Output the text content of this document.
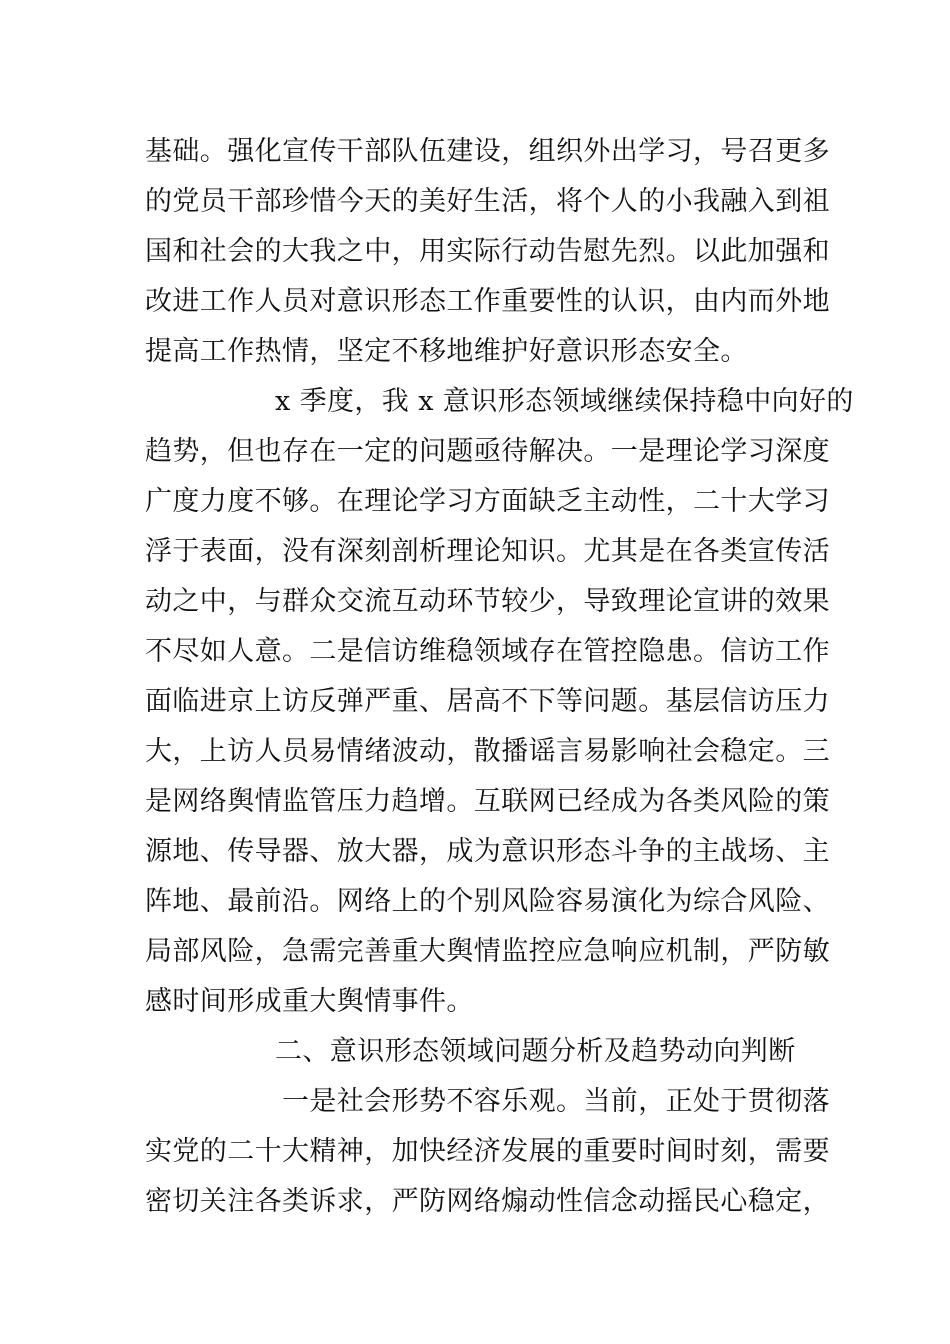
基础。强化宣传干部队伍建设，组织外出学习，号召更多
的党员干部珍惜今天的美好生活，将个人的小我融入到祖
国和社会的大我之中，用实际行动告慰先烈。以此加强和
改进工作人员对意识形态工作重要性的认识，由内而外地
提高工作热情，坚定不移地维护好意识形态安全。
x 季度，我 x 意识形态领域继续保持稳中向好的
趋势，但也存在一定的问题亟待解决。一是理论学习深度
广度力度不够。在理论学习方面缺乏主动性，二十大学习
浮于表面，没有深刻剖析理论知识。尤其是在各类宣传活
动之中，与群众交流互动环节较少，导致理论宣讲的效果
不尽如人意。二是信访维稳领域存在管控隐患。信访工作
面临进京上访反弹严重、居高不下等问题。基层信访压力
大，上访人员易情绪波动，散播谣言易影响社会稳定。三
是网络舆情监管压力趋增。互联网已经成为各类风险的策
源地、传导器、放大器，成为意识形态斗争的主战场、主
阵地、最前沿。网络上的个别风险容易演化为综合风险、
局部风险，急需完善重大舆情监控应急响应机制，严防敏
感时间形成重大舆情事件。
二、意识形态领域问题分析及趋势动向判断
一是社会形势不容乐观。当前，正处于贯彻落
实党的二十大精神，加快经济发展的重要时间时刻，需要
密切关注各类诉求，严防网络煽动性信念动摇民心稳定，
